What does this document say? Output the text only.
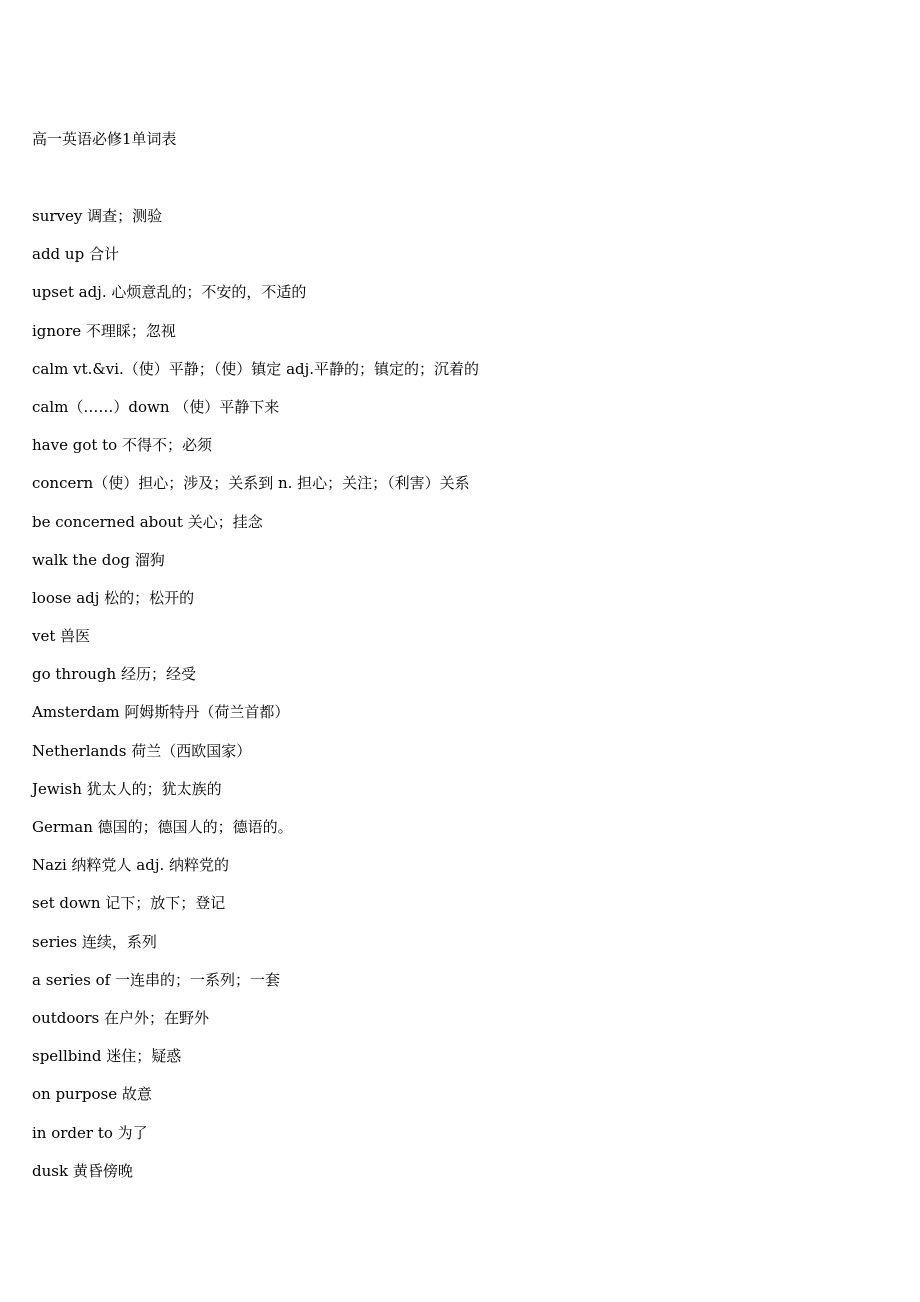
高一英语必修1单词表
survey 调查；测验
add up 合计
upset adj. 心烦意乱的；不安的，不适的
ignore 不理睬；忽视
calm vt.&vi.（使）平静；（使）镇定 adj.平静的；镇定的；沉着的
calm（……）down （使）平静下来
have got to 不得不；必须
concern（使）担心；涉及；关系到 n. 担心；关注；（利害）关系
be concerned about 关心；挂念
walk the dog 溜狗
loose adj 松的；松开的
vet 兽医
go through 经历；经受
Amsterdam 阿姆斯特丹（荷兰首都）
Netherlands 荷兰（西欧国家）
Jewish 犹太人的；犹太族的
German 德国的；德国人的；德语的。
Nazi 纳粹党人 adj. 纳粹党的
set down 记下；放下；登记
series 连续，系列
a series of 一连串的；一系列；一套
outdoors 在户外；在野外
spellbind 迷住；疑惑
on purpose 故意
in order to 为了
dusk 黄昏傍晚
